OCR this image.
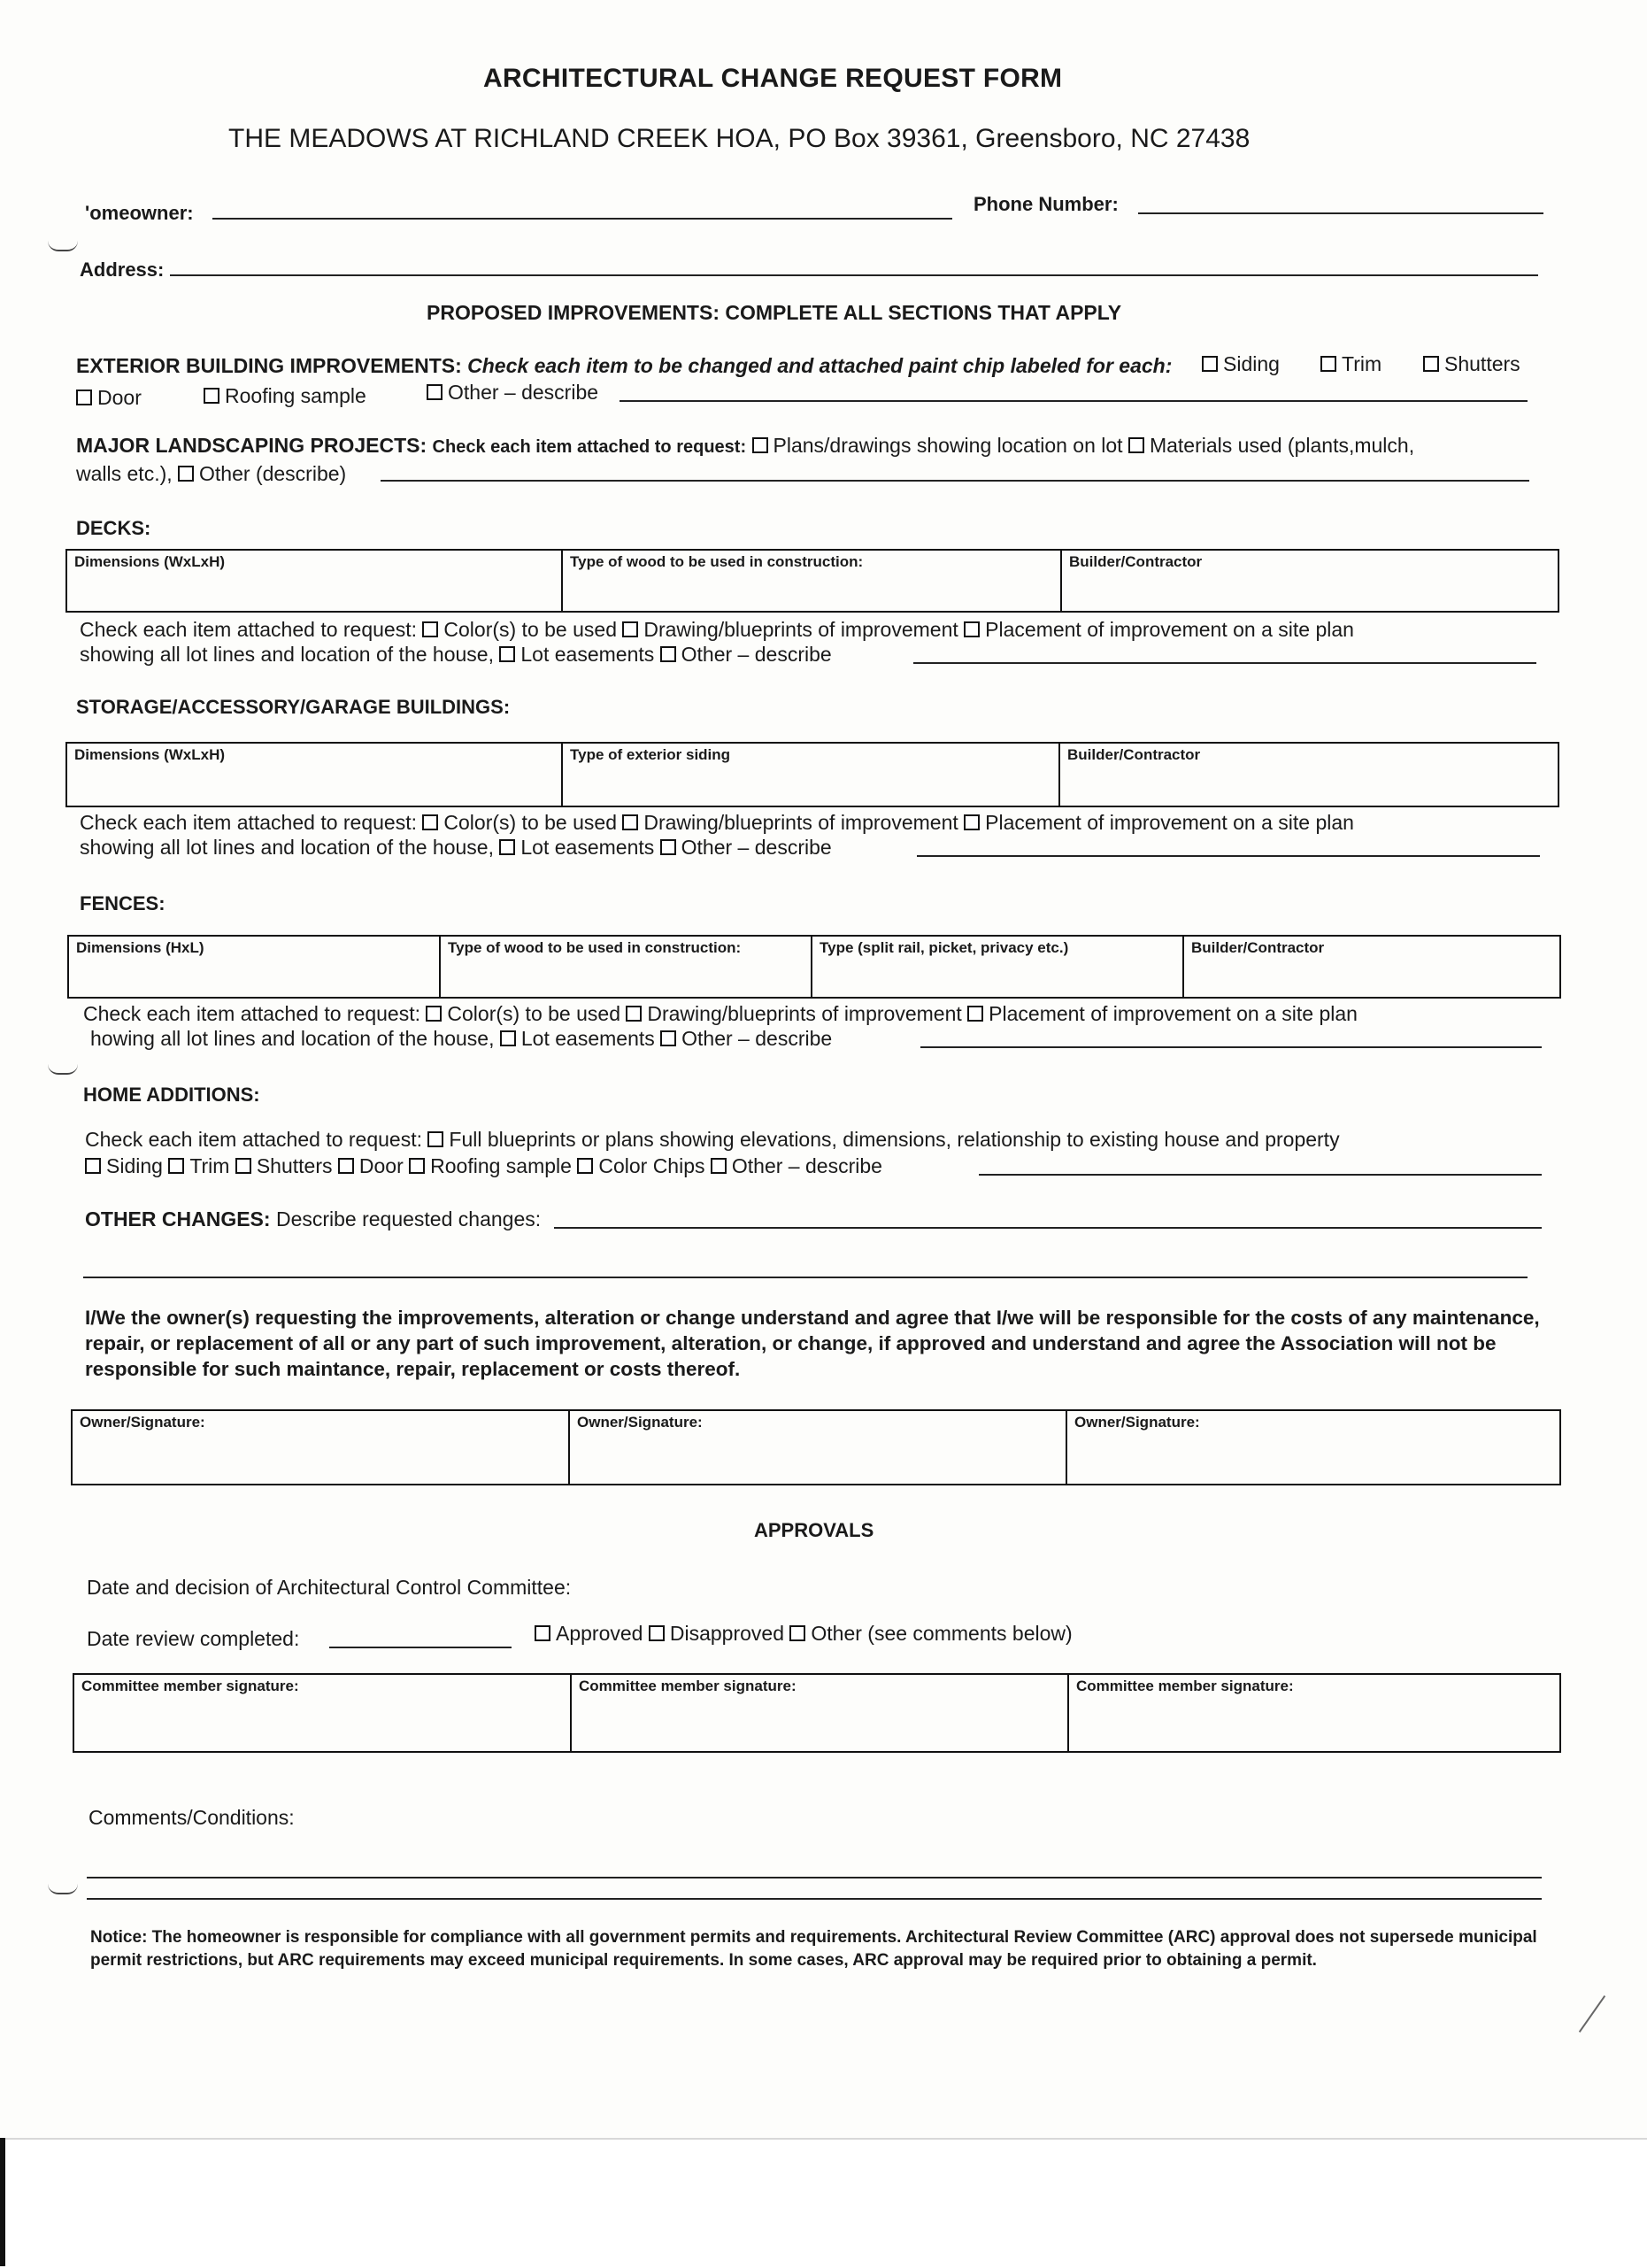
ARCHITECTURAL CHANGE REQUEST FORM
THE MEADOWS AT RICHLAND CREEK HOA, PO Box 39361, Greensboro, NC 27438
'omeowner:	Phone Number:
Address:
PROPOSED IMPROVEMENTS: COMPLETE ALL SECTIONS THAT APPLY
EXTERIOR BUILDING IMPROVEMENTS: Check each item to be changed and attached paint chip labeled for each:	Siding	Trim	Shutters
Door	Roofing sample	Other – describe
MAJOR LANDSCAPING PROJECTS: Check each item attached to request: Plans/drawings showing location on lot Materials used (plants,mulch,
walls etc.), Other (describe)
DECKS:
Dimensions (WxLxH)	Type of wood to be used in construction:	Builder/Contractor
Check each item attached to request: Color(s) to be used Drawing/blueprints of improvement Placement of improvement on a site plan
showing all lot lines and location of the house, Lot easements Other – describe
STORAGE/ACCESSORY/GARAGE BUILDINGS:
Dimensions (WxLxH)	Type of exterior siding	Builder/Contractor
Check each item attached to request: Color(s) to be used Drawing/blueprints of improvement Placement of improvement on a site plan
showing all lot lines and location of the house, Lot easements Other – describe
FENCES:
Dimensions (HxL)	Type of wood to be used in construction:	Type (split rail, picket, privacy etc.)	Builder/Contractor
Check each item attached to request: Color(s) to be used Drawing/blueprints of improvement Placement of improvement on a site plan
howing all lot lines and location of the house, Lot easements Other – describe
HOME ADDITIONS:
Check each item attached to request: Full blueprints or plans showing elevations, dimensions, relationship to existing house and property
Siding Trim Shutters Door Roofing sample Color Chips Other – describe
OTHER CHANGES: Describe requested changes:
I/We the owner(s) requesting the improvements, alteration or change understand and agree that I/we will be responsible for the costs of any maintenance, repair, or replacement of all or any part of such improvement, alteration, or change, if approved and understand and agree the Association will not be responsible for such maintance, repair, replacement or costs thereof.
Owner/Signature:	Owner/Signature:	Owner/Signature:
APPROVALS
Date and decision of Architectural Control Committee:
Date review completed:	Approved Disapproved Other (see comments below)
Committee member signature:	Committee member signature:	Committee member signature:
Comments/Conditions:
Notice: The homeowner is responsible for compliance with all government permits and requirements. Architectural Review Committee (ARC) approval does not supersede municipal permit restrictions, but ARC requirements may exceed municipal requirements. In some cases, ARC approval may be required prior to obtaining a permit.
